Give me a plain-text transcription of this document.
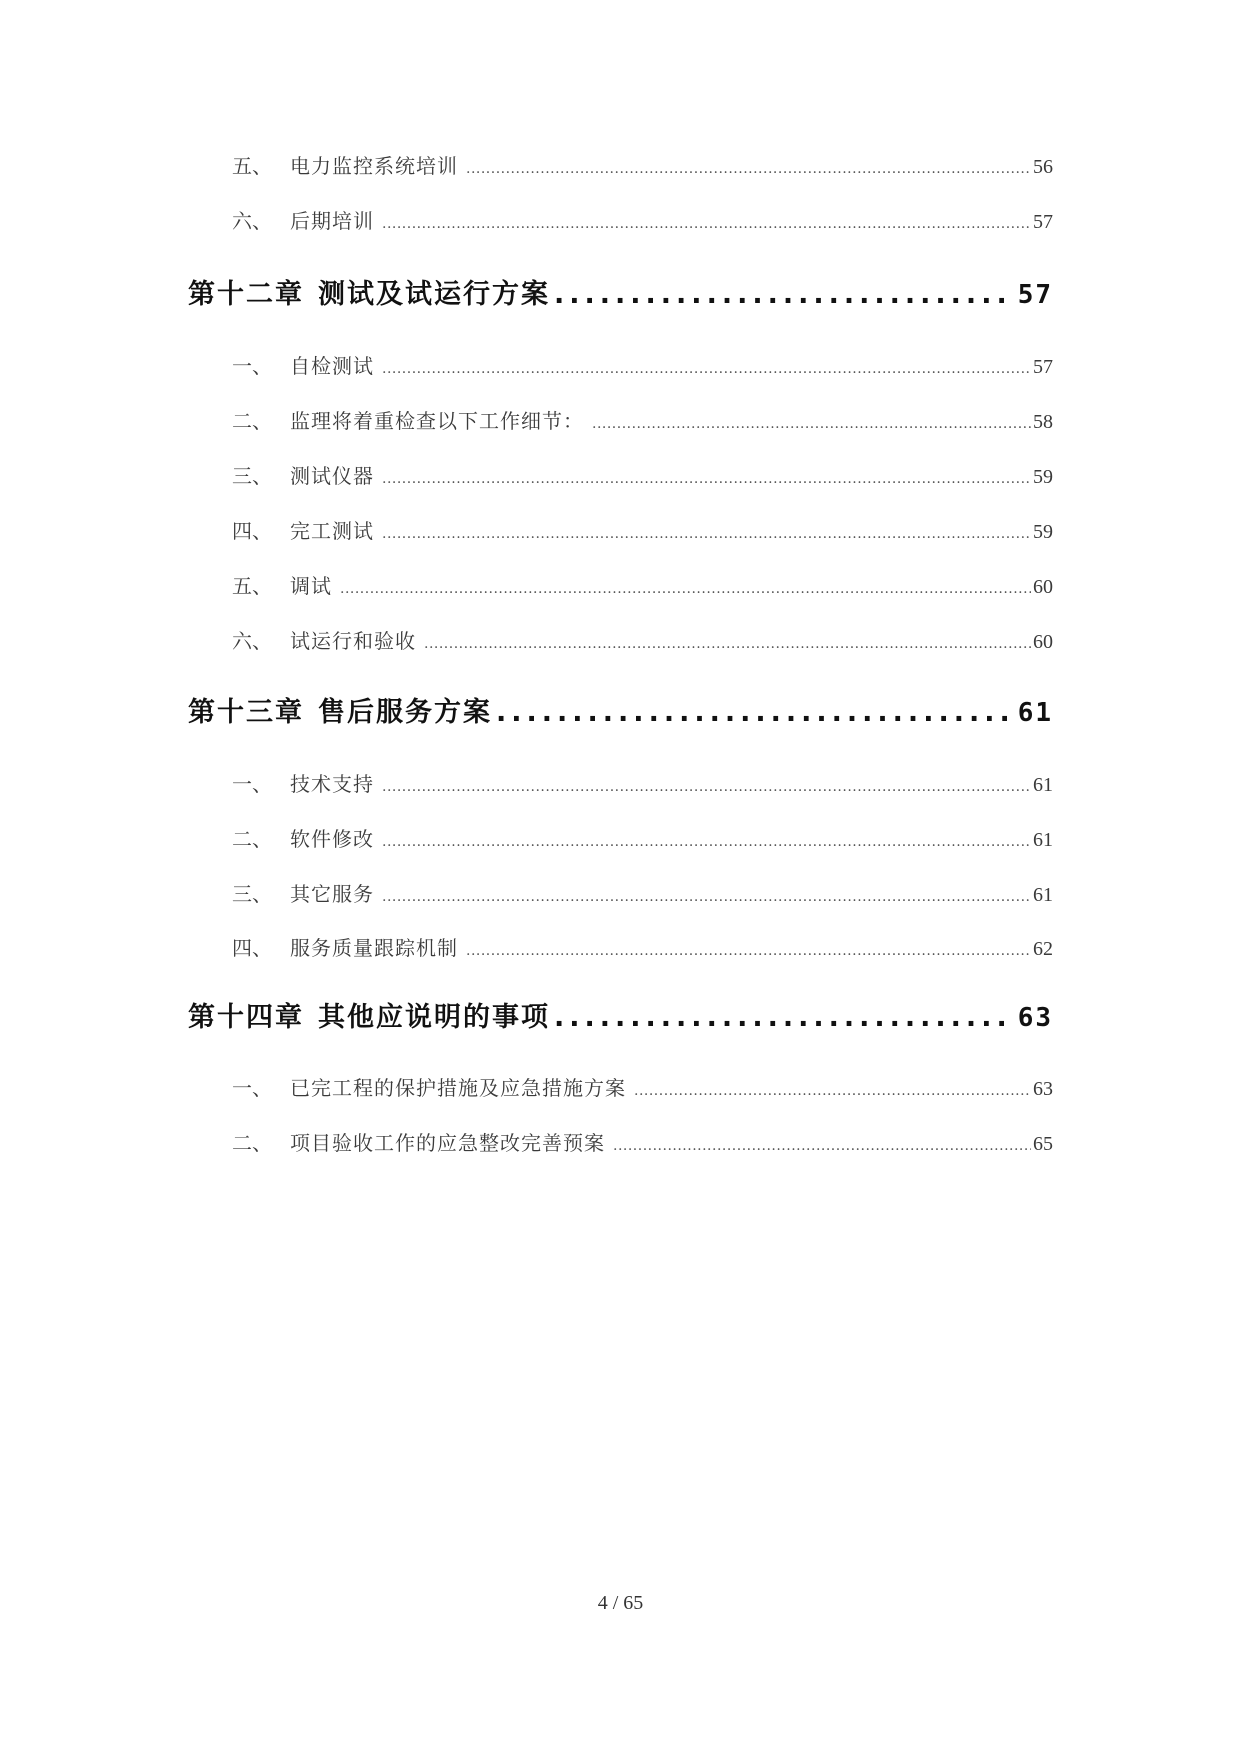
五、 电力监控系统培训 .....	56
六、 后期培训 .....	57
第十二章 测试及试运行方案 .....	57
一、 自检测试 .....	57
二、 监理将着重检查以下工作细节： .....	58
三、 测试仪器 .....	59
四、 完工测试 .....	59
五、 调试 .....	60
六、 试运行和验收 .....	60
第十三章 售后服务方案 .....	61
一、 技术支持 .....	61
二、 软件修改 .....	61
三、 其它服务 .....	61
四、 服务质量跟踪机制 .....	62
第十四章 其他应说明的事项 .....	63
一、 已完工程的保护措施及应急措施方案 .....	63
二、 项目验收工作的应急整改完善预案 .....	65
4 / 65
